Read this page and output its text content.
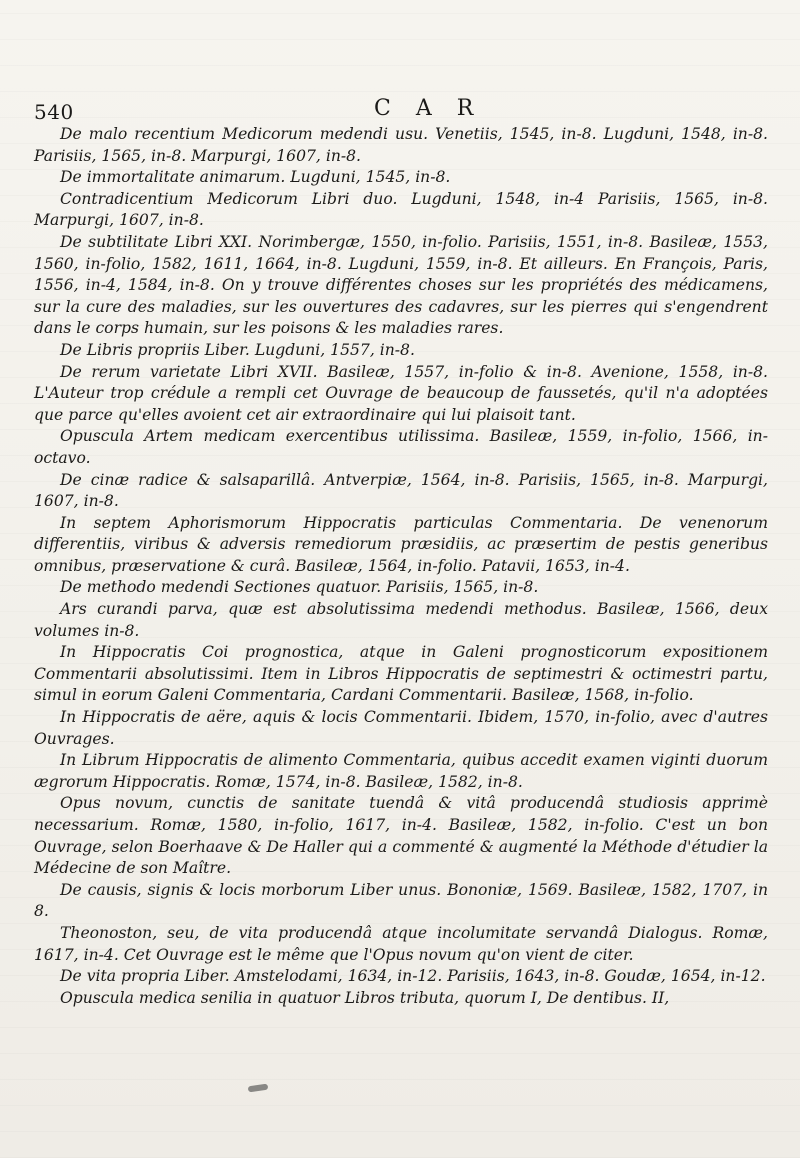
540	C A R

De malo recentium Medicorum medendi usu. Venetiis, 1545, in-8. Lugduni, 1548, in-8. Parisiis, 1565, in-8. Marpurgi, 1607, in-8.

De immortalitate animarum. Lugduni, 1545, in-8.

Contradicentium Medicorum Libri duo. Lugduni, 1548, in-4 Parisiis, 1565, in-8. Marpurgi, 1607, in-8.

De subtilitate Libri XXI. Norimbergæ, 1550, in-folio. Parisiis, 1551, in-8. Basileæ, 1553, 1560, in-folio, 1582, 1611, 1664, in-8. Lugduni, 1559, in-8. Et ailleurs. En François, Paris, 1556, in-4, 1584, in-8. On y trouve différentes choses sur les propriétés des médicamens, sur la cure des maladies, sur les ouvertures des cadavres, sur les pierres qui s'engendrent dans le corps humain, sur les poisons & les maladies rares.

De Libris propriis Liber. Lugduni, 1557, in-8.

De rerum varietate Libri XVII. Basileæ, 1557, in-folio & in-8. Avenione, 1558, in-8. L'Auteur trop crédule a rempli cet Ouvrage de beaucoup de faussetés, qu'il n'a adoptées que parce qu'elles avoient cet air extraordinaire qui lui plaisoit tant.

Opuscula Artem medicam exercentibus utilissima. Basileæ, 1559, in-folio, 1566, in-octavo.

De cinæ radice & salsaparillâ. Antverpiæ, 1564, in-8. Parisiis, 1565, in-8. Marpurgi, 1607, in-8.

In septem Aphorismorum Hippocratis particulas Commentaria. De venenorum differentiis, viribus & adversis remediorum præsidiis, ac præsertim de pestis generibus omnibus, præservatione & curâ. Basileæ, 1564, in-folio. Patavii, 1653, in-4.

De methodo medendi Sectiones quatuor. Parisiis, 1565, in-8.

Ars curandi parva, quæ est absolutissima medendi methodus. Basileæ, 1566, deux volumes in-8.

In Hippocratis Coi prognostica, atque in Galeni prognosticorum expositionem Commentarii absolutissimi. Item in Libros Hippocratis de septimestri & octimestri partu, simul in eorum Galeni Commentaria, Cardani Commentarii. Basileæ, 1568, in-folio.

In Hippocratis de aëre, aquis & locis Commentarii. Ibidem, 1570, in-folio, avec d'autres Ouvrages.

In Librum Hippocratis de alimento Commentaria, quibus accedit examen viginti duorum ægrorum Hippocratis. Romæ, 1574, in-8. Basileæ, 1582, in-8.

Opus novum, cunctis de sanitate tuendâ & vitâ producendâ studiosis apprimè necessarium. Romæ, 1580, in-folio, 1617, in-4. Basileæ, 1582, in-folio. C'est un bon Ouvrage, selon Boerhaave & De Haller qui a commenté & augmenté la Méthode d'étudier la Médecine de son Maître.

De causis, signis & locis morborum Liber unus. Bononiæ, 1569. Basileæ, 1582, 1707, in 8.

Theonoston, seu, de vita producendâ atque incolumitate servandâ Dialogus. Romæ, 1617, in-4. Cet Ouvrage est le même que l'Opus novum qu'on vient de citer.

De vita propria Liber. Amstelodami, 1634, in-12. Parisiis, 1643, in-8. Goudæ, 1654, in-12.

Opuscula medica senilia in quatuor Libros tributa, quorum I, De dentibus. II,
